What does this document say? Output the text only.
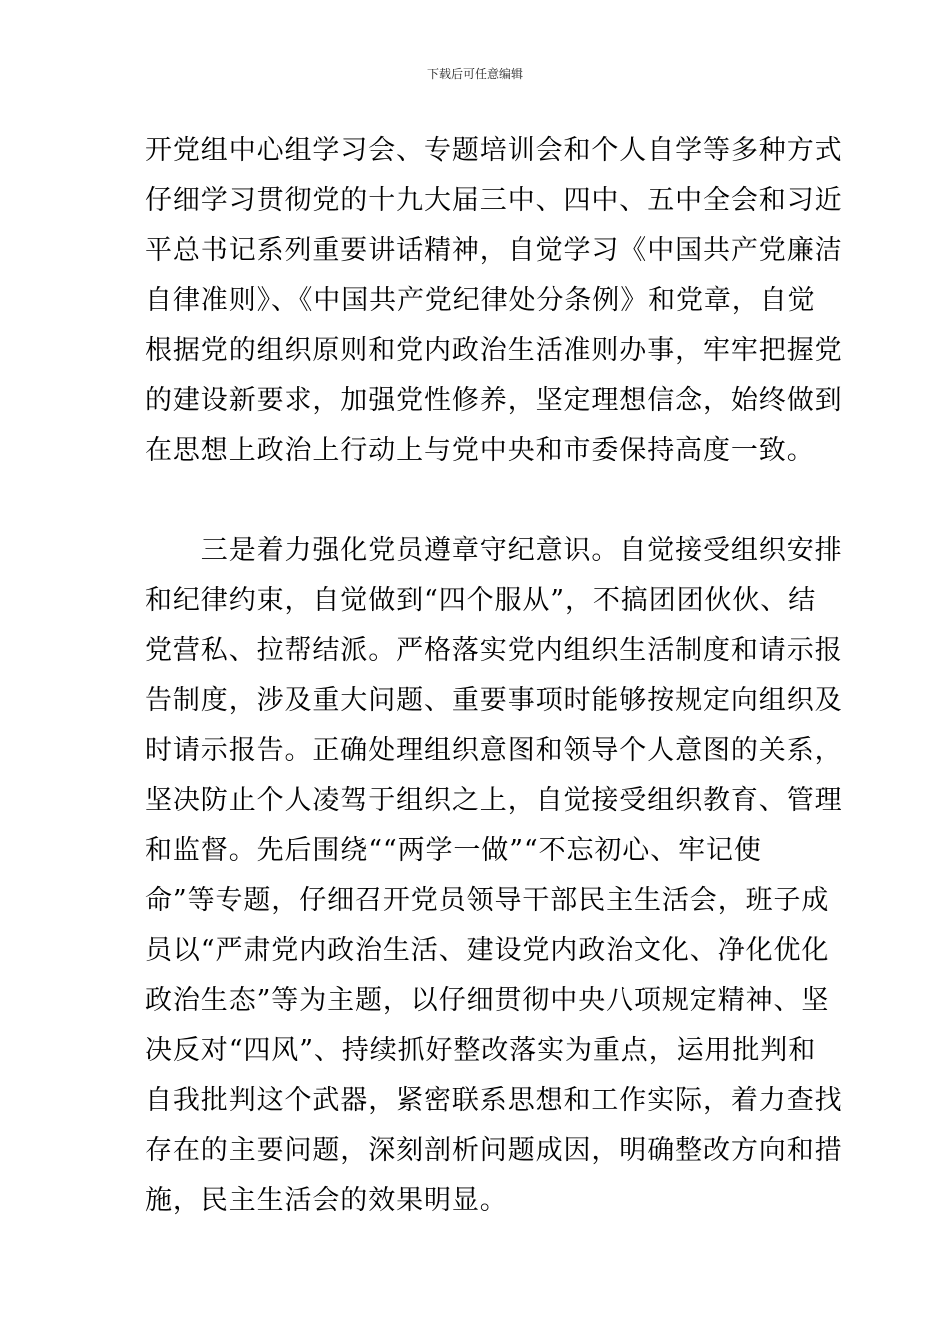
下载后可任意编辑
开党组中心组学习会、专题培训会和个人自学等多种方式
仔细学习贯彻党的十九大届三中、四中、五中全会和习近
平总书记系列重要讲话精神，自觉学习《中国共产党廉洁
自律准则》、《中国共产党纪律处分条例》和党章，自觉
根据党的组织原则和党内政治生活准则办事，牢牢把握党
的建设新要求，加强党性修养，坚定理想信念，始终做到
在思想上政治上行动上与党中央和市委保持高度一致。
　　三是着力强化党员遵章守纪意识。自觉接受组织安排
和纪律约束，自觉做到“四个服从”，不搞团团伙伙、结
党营私、拉帮结派。严格落实党内组织生活制度和请示报
告制度，涉及重大问题、重要事项时能够按规定向组织及
时请示报告。正确处理组织意图和领导个人意图的关系，
坚决防止个人凌驾于组织之上，自觉接受组织教育、管理
和监督。先后围绕““两学一做”“不忘初心、牢记使
命”等专题，仔细召开党员领导干部民主生活会，班子成
员以“严肃党内政治生活、建设党内政治文化、净化优化
政治生态”等为主题，以仔细贯彻中央八项规定精神、坚
决反对“四风”、持续抓好整改落实为重点，运用批判和
自我批判这个武器，紧密联系思想和工作实际，着力查找
存在的主要问题，深刻剖析问题成因，明确整改方向和措
施，民主生活会的效果明显。
